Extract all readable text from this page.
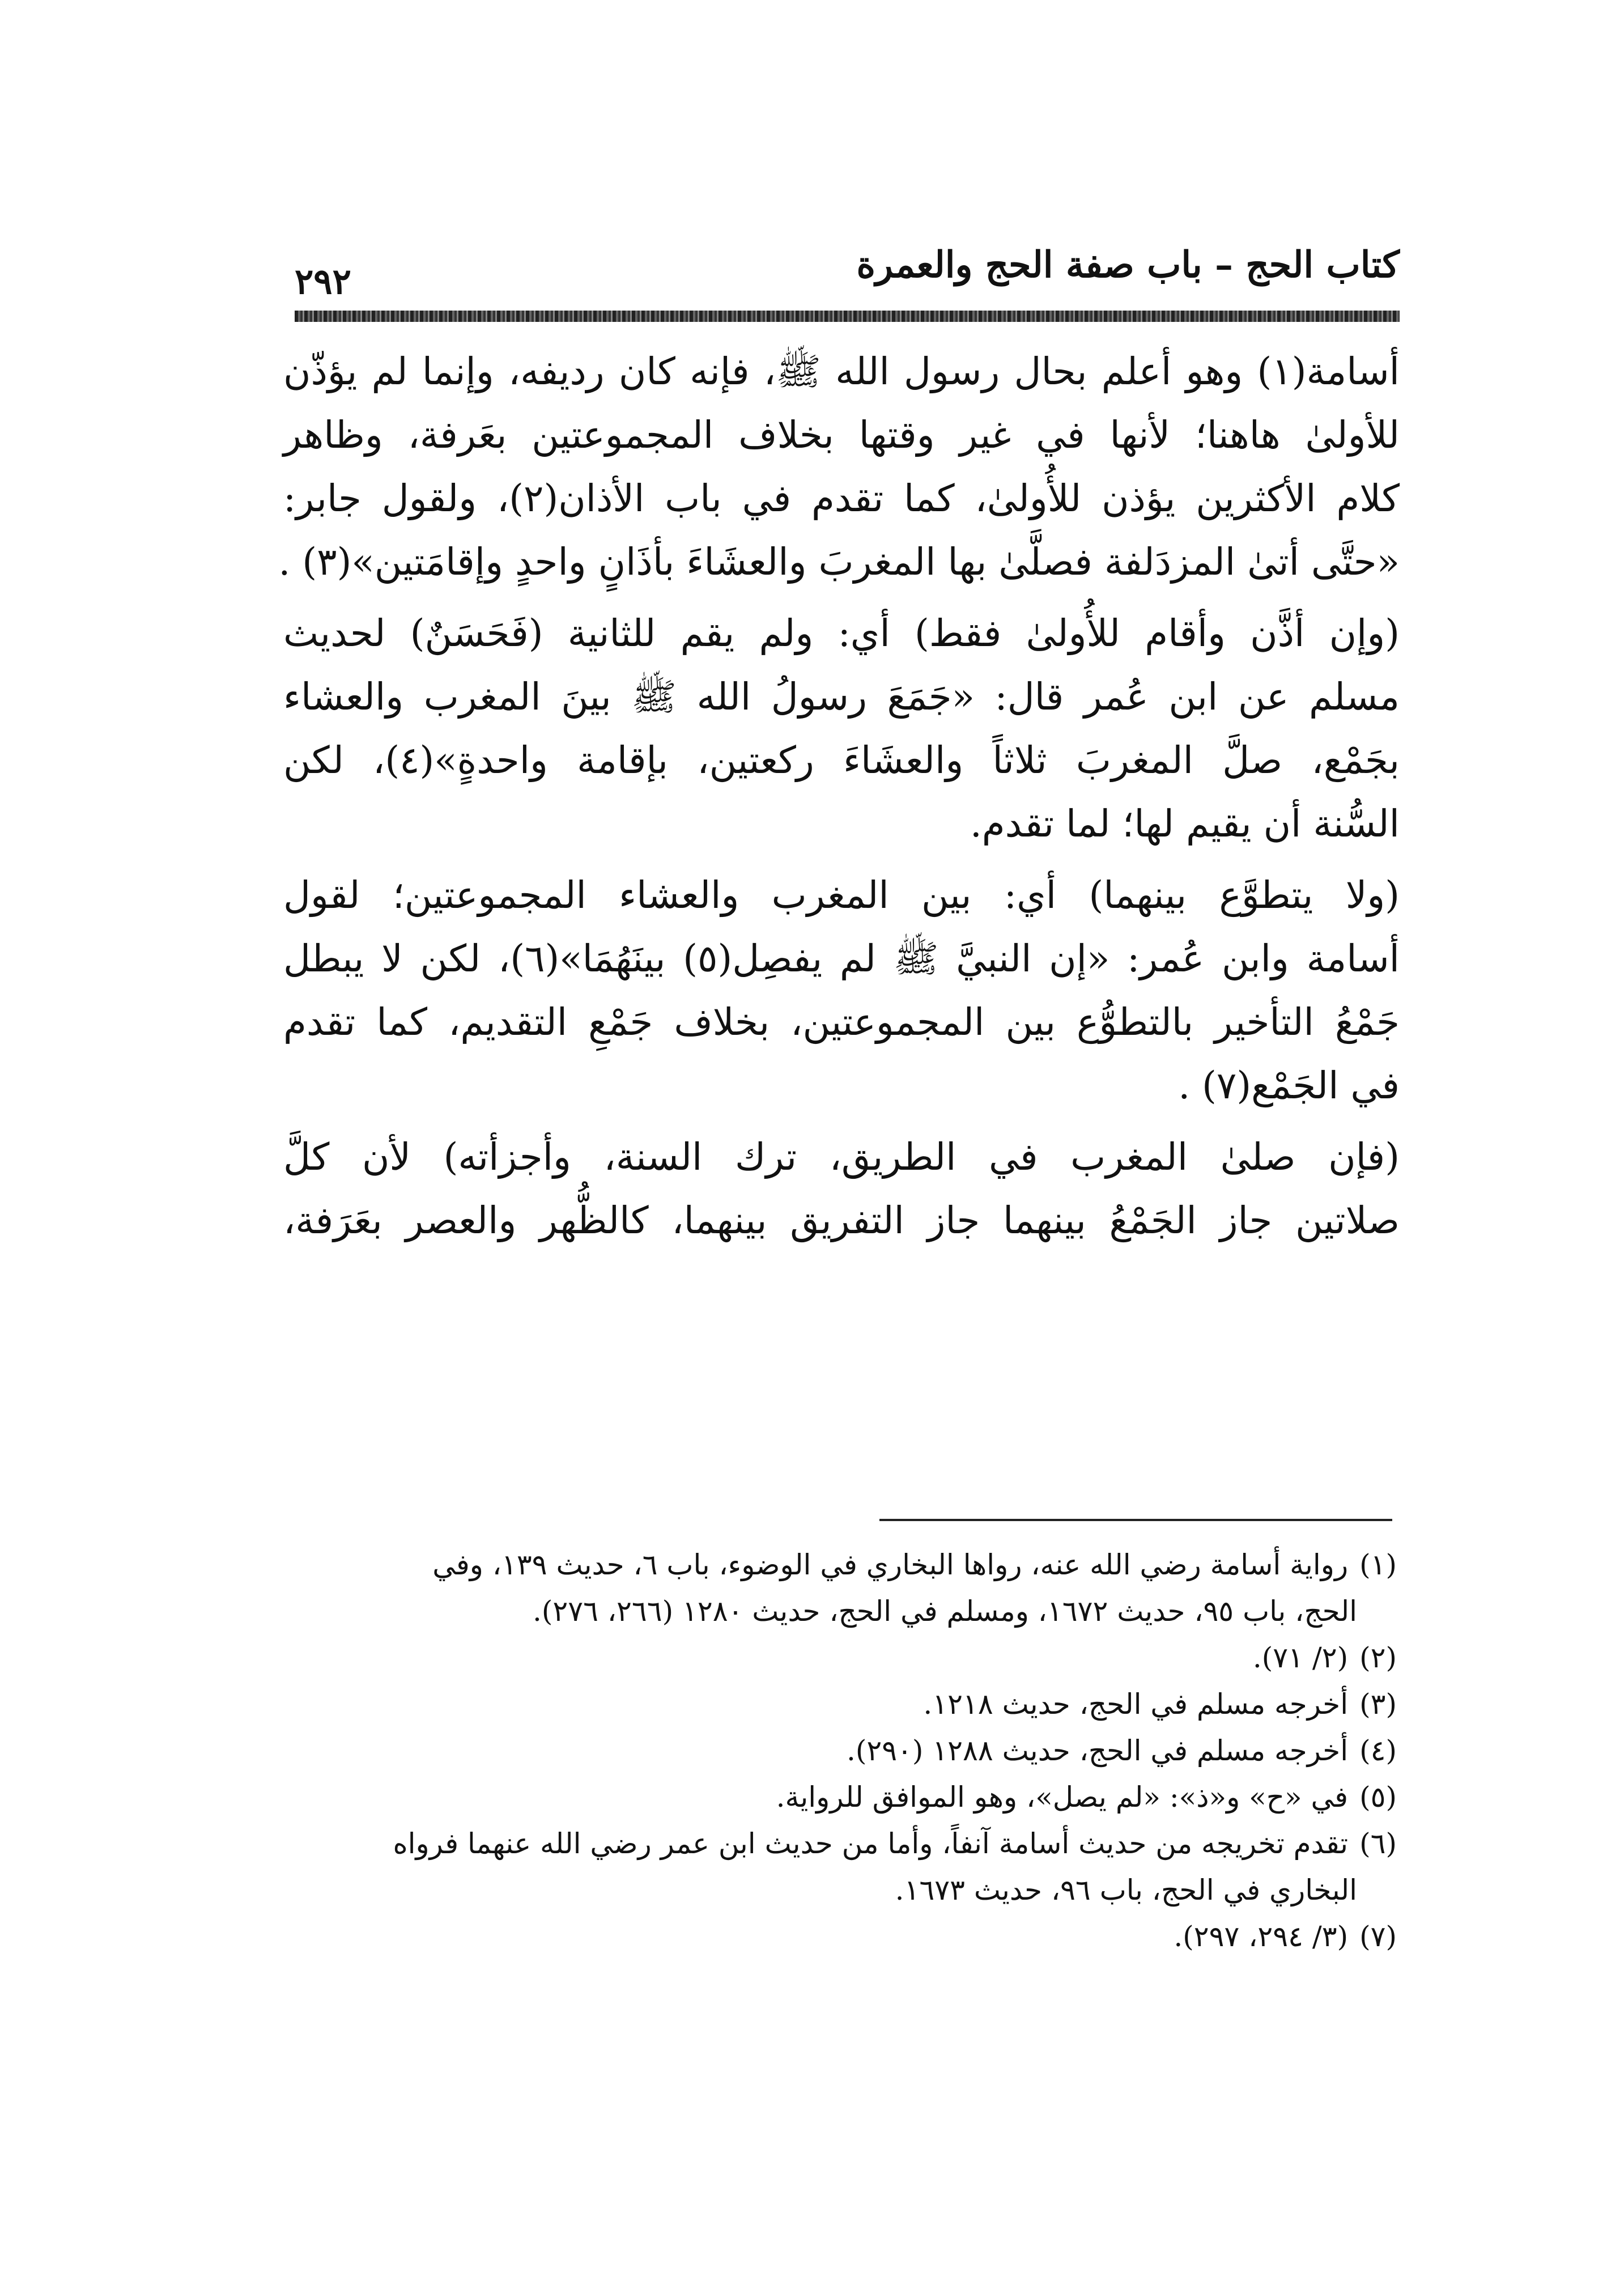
كتاب الحج – باب صفة الحج والعمرة
٢٩٢
أسامة(١) وهو أعلم بحال رسول الله ﷺ، فإنه كان رديفه، وإنما لم يؤذّن
للأولىٰ هاهنا؛ لأنها في غير وقتها بخلاف المجموعتين بعَرفة، وظاهر
كلام الأكثرين يؤذن للأُولىٰ، كما تقدم في باب الأذان(٢)، ولقول جابر:
«حتَّى أتىٰ المزدَلفة فصلَّىٰ بها المغربَ والعشَاءَ بأذَانٍ واحدٍ وإقامَتين»(٣) .
(وإن أذَّن وأقام للأُولىٰ فقط) أي: ولم يقم للثانية (فَحَسَنٌ) لحديث
مسلم عن ابن عُمر قال: «جَمَعَ رسولُ الله ﷺ بينَ المغرب والعشاء
بجَمْع، صلَّ المغربَ ثلاثاً والعشَاءَ ركعتين، بإقامة واحدةٍ»(٤)، لكن
السُّنة أن يقيم لها؛ لما تقدم.
(ولا يتطوَّع بينهما) أي: بين المغرب والعشاء المجموعتين؛ لقول
أسامة وابن عُمر: «إن النبيَّ ﷺ لم يفصِل(٥) بينَهُمَا»(٦)، لكن لا يبطل
جَمْعُ التأخير بالتطوُّع بين المجموعتين، بخلاف جَمْعِ التقديم، كما تقدم
في الجَمْع(٧) .
(فإن صلىٰ المغرب في الطريق، ترك السنة، وأجزأته) لأن كلَّ
صلاتين جاز الجَمْعُ بينهما جاز التفريق بينهما، كالظُّهر والعصر بعَرَفة،
(١) رواية أسامة رضي الله عنه، رواها البخاري في الوضوء، باب ٦، حديث ١٣٩، وفي
الحج، باب ٩٥، حديث ١٦٧٢، ومسلم في الحج، حديث ١٢٨٠ (٢٦٦، ٢٧٦).
(٢) (٢/ ٧١).
(٣) أخرجه مسلم في الحج، حديث ١٢١٨.
(٤) أخرجه مسلم في الحج، حديث ١٢٨٨ (٢٩٠).
(٥) في «ح» و«ذ»: «لم يصل»، وهو الموافق للرواية.
(٦) تقدم تخريجه من حديث أسامة آنفاً، وأما من حديث ابن عمر رضي الله عنهما فرواه
البخاري في الحج، باب ٩٦، حديث ١٦٧٣.
(٧) (٣/ ٢٩٤، ٢٩٧).
